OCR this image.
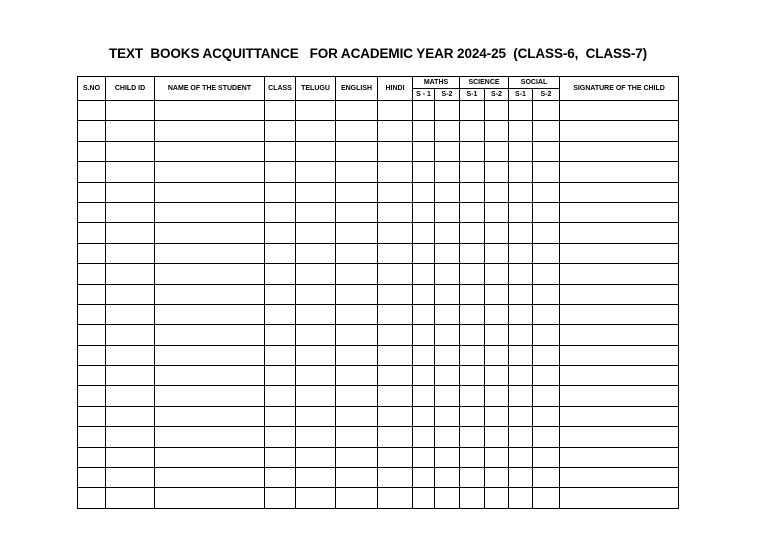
TEXT  BOOKS ACQUITTANCE   FOR ACADEMIC YEAR 2024-25  (CLASS-6,  CLASS-7)
S.NO	CHILD ID	NAME OF THE STUDENT	CLASS	TELUGU	ENGLISH	HINDI	MATHS		SCIENCE		SOCIAL		SIGNATURE OF THE CHILD
							S - 1	S-2	S-1	S-2	S-1	S-2	
